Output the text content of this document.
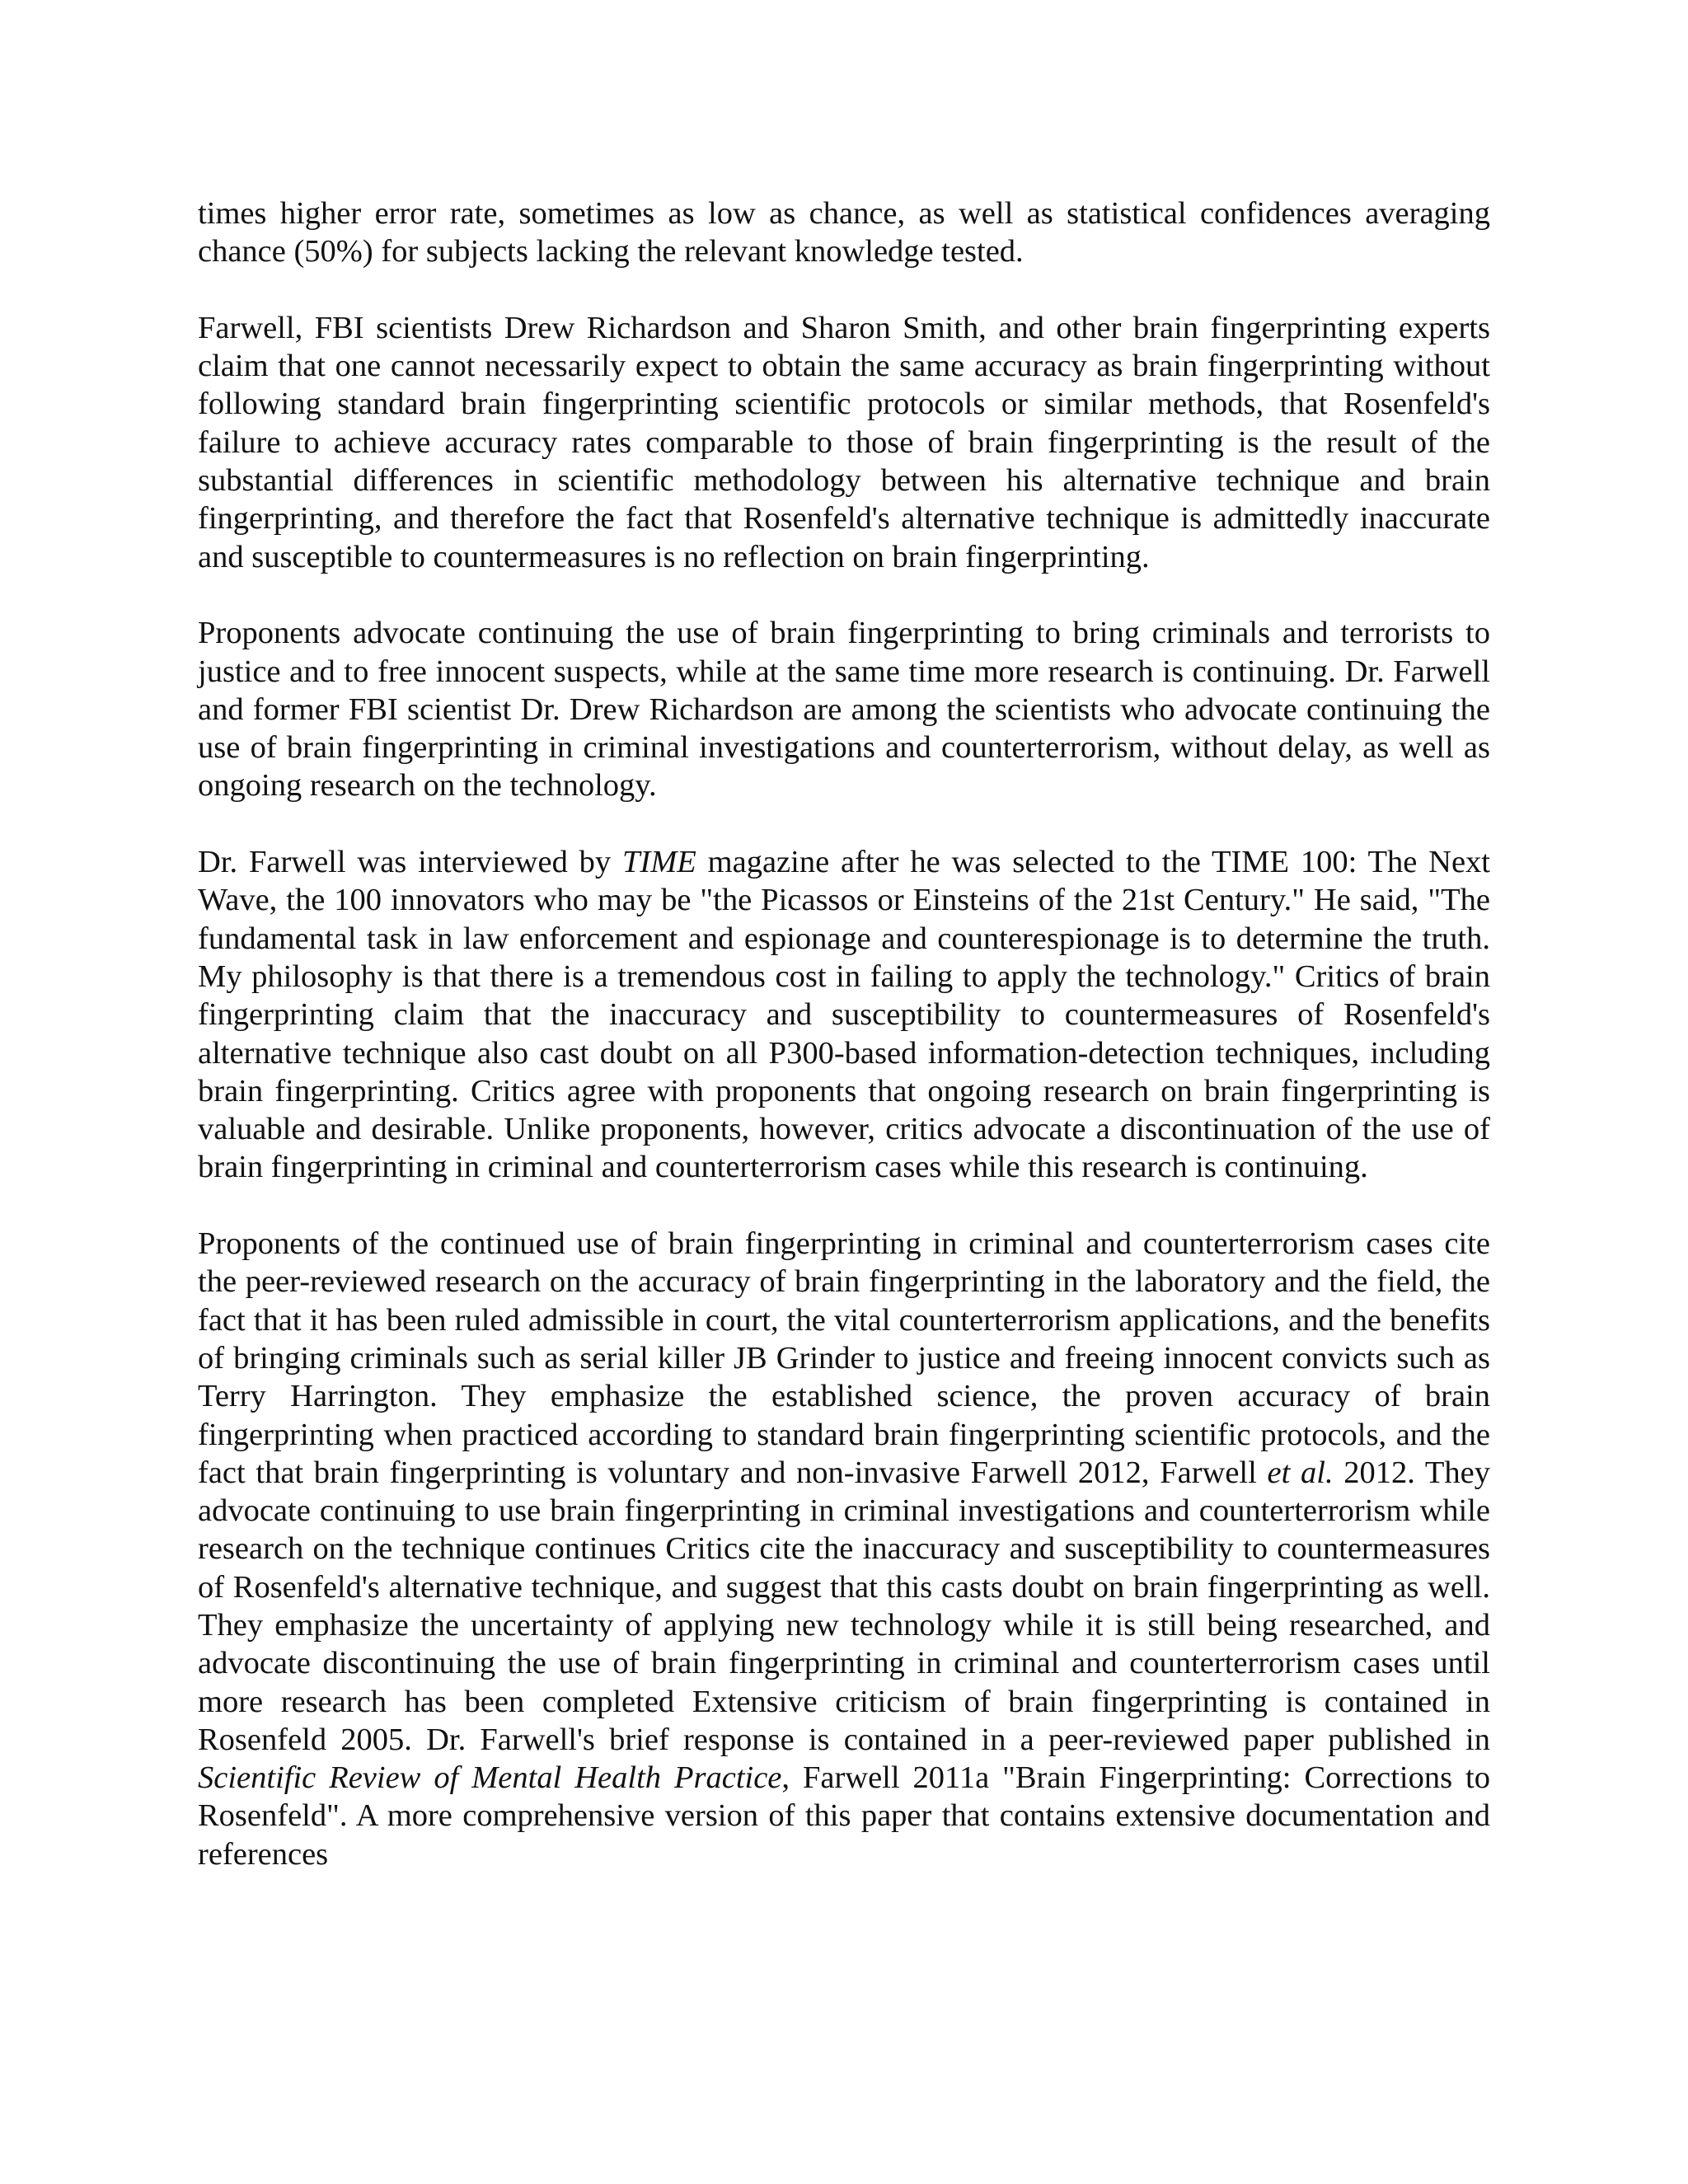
times higher error rate, sometimes as low as chance, as well as statistical confidences averaging chance (50%) for subjects lacking the relevant knowledge tested.

Farwell, FBI scientists Drew Richardson and Sharon Smith, and other brain fingerprinting experts claim that one cannot necessarily expect to obtain the same accuracy as brain fingerprinting without following standard brain fingerprinting scientific protocols or similar methods, that Rosenfeld's failure to achieve accuracy rates comparable to those of brain fingerprinting is the result of the substantial differences in scientific methodology between his alternative technique and brain fingerprinting, and therefore the fact that Rosenfeld's alternative technique is admittedly inaccurate and susceptible to countermeasures is no reflection on brain fingerprinting.

Proponents advocate continuing the use of brain fingerprinting to bring criminals and terrorists to justice and to free innocent suspects, while at the same time more research is continuing. Dr. Farwell and former FBI scientist Dr. Drew Richardson are among the scientists who advocate continuing the use of brain fingerprinting in criminal investigations and counterterrorism, without delay, as well as ongoing research on the technology.

Dr. Farwell was interviewed by TIME magazine after he was selected to the TIME 100: The Next Wave, the 100 innovators who may be "the Picassos or Einsteins of the 21st Century." He said, "The fundamental task in law enforcement and espionage and counterespionage is to determine the truth. My philosophy is that there is a tremendous cost in failing to apply the technology." Critics of brain fingerprinting claim that the inaccuracy and susceptibility to countermeasures of Rosenfeld's alternative technique also cast doubt on all P300-based information-detection techniques, including brain fingerprinting. Critics agree with proponents that ongoing research on brain fingerprinting is valuable and desirable. Unlike proponents, however, critics advocate a discontinuation of the use of brain fingerprinting in criminal and counterterrorism cases while this research is continuing.

Proponents of the continued use of brain fingerprinting in criminal and counterterrorism cases cite the peer-reviewed research on the accuracy of brain fingerprinting in the laboratory and the field, the fact that it has been ruled admissible in court, the vital counterterrorism applications, and the benefits of bringing criminals such as serial killer JB Grinder to justice and freeing innocent convicts such as Terry Harrington. They emphasize the established science, the proven accuracy of brain fingerprinting when practiced according to standard brain fingerprinting scientific protocols, and the fact that brain fingerprinting is voluntary and non-invasive Farwell 2012, Farwell et al. 2012. They advocate continuing to use brain fingerprinting in criminal investigations and counterterrorism while research on the technique continues Critics cite the inaccuracy and susceptibility to countermeasures of Rosenfeld's alternative technique, and suggest that this casts doubt on brain fingerprinting as well. They emphasize the uncertainty of applying new technology while it is still being researched, and advocate discontinuing the use of brain fingerprinting in criminal and counterterrorism cases until more research has been completed Extensive criticism of brain fingerprinting is contained in Rosenfeld 2005. Dr. Farwell's brief response is contained in a peer-reviewed paper published in Scientific Review of Mental Health Practice, Farwell 2011a "Brain Fingerprinting: Corrections to Rosenfeld". A more comprehensive version of this paper that contains extensive documentation and references
